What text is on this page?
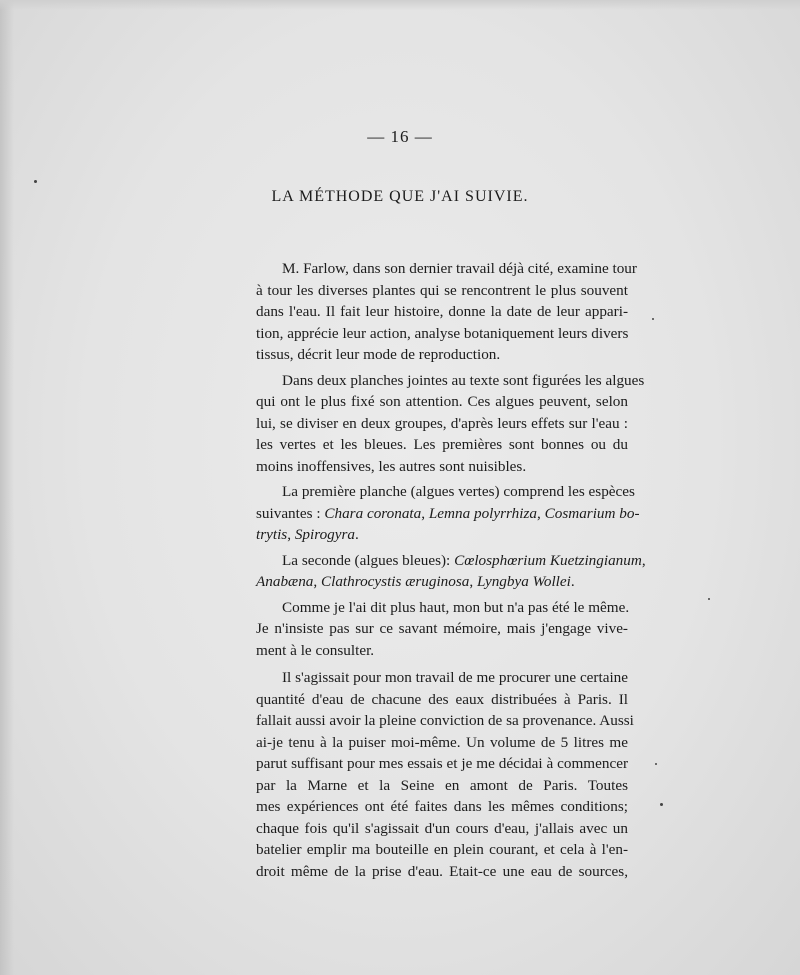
— 16 —
LA MÉTHODE QUE J'AI SUIVIE.
M. Farlow, dans son dernier travail déjà cité, examine tour
à tour les diverses plantes qui se rencontrent le plus souvent
dans l'eau. Il fait leur histoire, donne la date de leur appari-
tion, apprécie leur action, analyse botaniquement leurs divers
tissus, décrit leur mode de reproduction.
Dans deux planches jointes au texte sont figurées les algues
qui ont le plus fixé son attention. Ces algues peuvent, selon
lui, se diviser en deux groupes, d'après leurs effets sur l'eau :
les vertes et les bleues. Les premières sont bonnes ou du
moins inoffensives, les autres sont nuisibles.
La première planche (algues vertes) comprend les espèces
suivantes : Chara coronata, Lemna polyrrhiza, Cosmarium bo-
trytis, Spirogyra.
La seconde (algues bleues): Cœlosphœrium Kuetzingianum,
Anabæna, Clathrocystis æruginosa, Lyngbya Wollei.
Comme je l'ai dit plus haut, mon but n'a pas été le même.
Je n'insiste pas sur ce savant mémoire, mais j'engage vive-
ment à le consulter.
Il s'agissait pour mon travail de me procurer une certaine
quantité d'eau de chacune des eaux distribuées à Paris. Il
fallait aussi avoir la pleine conviction de sa provenance. Aussi
ai-je tenu à la puiser moi-même. Un volume de 5 litres me
parut suffisant pour mes essais et je me décidai à commencer
par la Marne et la Seine en amont de Paris. Toutes
mes expériences ont été faites dans les mêmes conditions;
chaque fois qu'il s'agissait d'un cours d'eau, j'allais avec un
batelier emplir ma bouteille en plein courant, et cela à l'en-
droit même de la prise d'eau. Etait-ce une eau de sources,
